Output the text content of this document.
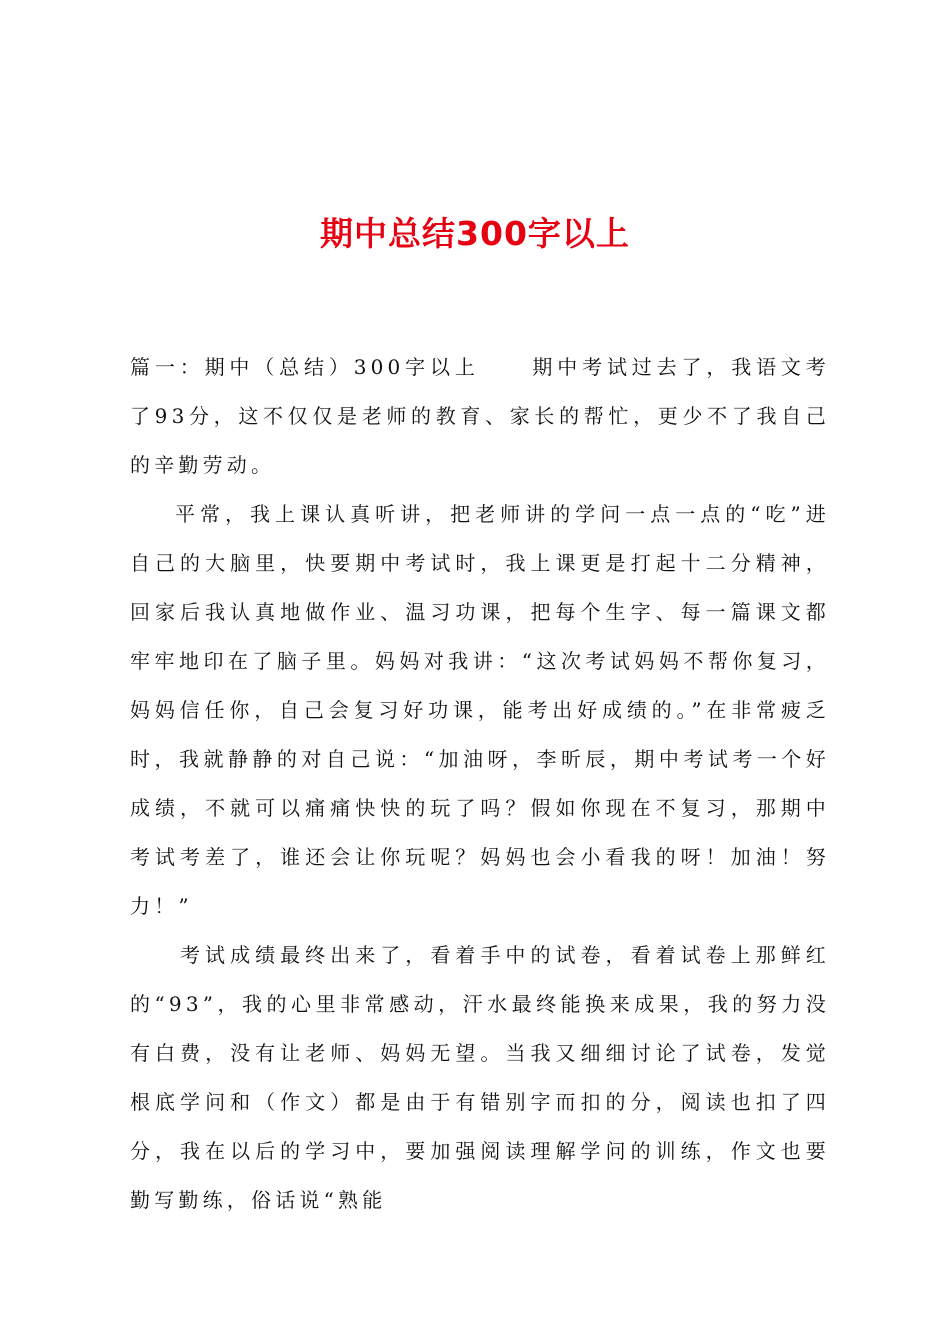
期中总结300字以上

篇一：期中（总结）300字以上	期中考试过去了，我语文考了93分，这不仅仅是老师的教育、家长的帮忙，更少不了我自己的辛勤劳动。

平常，我上课认真听讲，把老师讲的学问一点一点的“吃”进自己的大脑里，快要期中考试时，我上课更是打起十二分精神，回家后我认真地做作业、温习功课，把每个生字、每一篇课文都牢牢地印在了脑子里。妈妈对我讲：“这次考试妈妈不帮你复习，妈妈信任你，自己会复习好功课，能考出好成绩的。”在非常疲乏时，我就静静的对自己说：“加油呀，李昕辰，期中考试考一个好成绩，不就可以痛痛快快的玩了吗？假如你现在不复习，那期中考试考差了，谁还会让你玩呢？妈妈也会小看我的呀！加油！努力！”

考试成绩最终出来了，看着手中的试卷，看着试卷上那鲜红的“93”，我的心里非常感动，汗水最终能换来成果，我的努力没有白费，没有让老师、妈妈无望。当我又细细讨论了试卷，发觉根底学问和（作文）都是由于有错别字而扣的分，阅读也扣了四分，我在以后的学习中，要加强阅读理解学问的训练，作文也要勤写勤练，俗话说“熟能
